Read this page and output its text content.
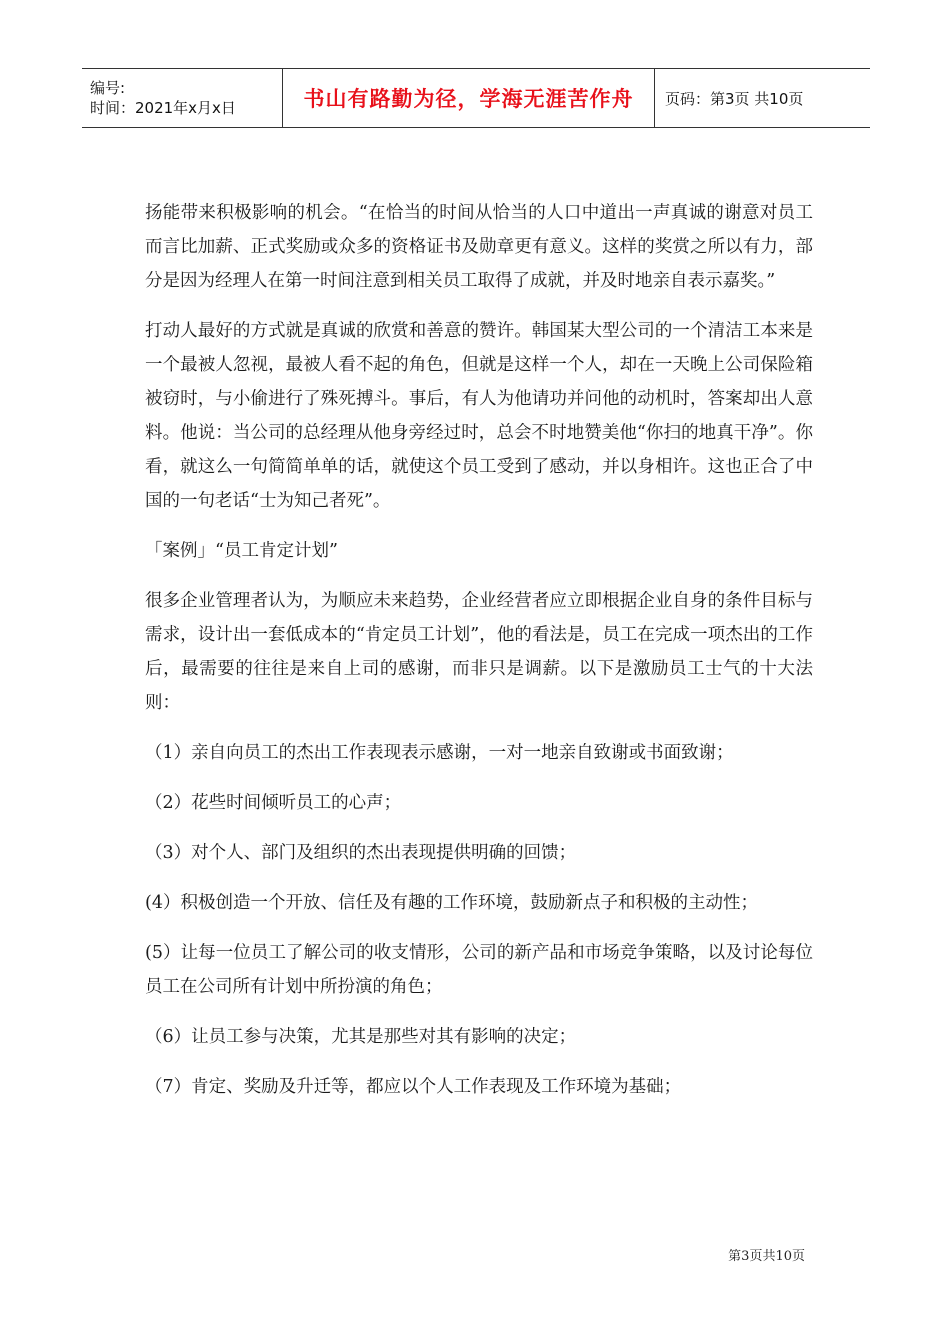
编号:
时间：2021年x月x日	书山有路勤为径，学海无涯苦作舟 页码：第3页 共10页

扬能带来积极影响的机会。“在恰当的时间从恰当的人口中道出一声真诚的谢意对员工而言比加薪、正式奖励或众多的资格证书及勋章更有意义。这样的奖赏之所以有力，部分是因为经理人在第一时间注意到相关员工取得了成就，并及时地亲自表示嘉奖。”

打动人最好的方式就是真诚的欣赏和善意的赞许。韩国某大型公司的一个清洁工本来是一个最被人忽视，最被人看不起的角色，但就是这样一个人，却在一天晚上公司保险箱被窃时，与小偷进行了殊死搏斗。事后，有人为他请功并问他的动机时，答案却出人意料。他说：当公司的总经理从他身旁经过时，总会不时地赞美他“你扫的地真干净”。你看，就这么一句简简单单的话，就使这个员工受到了感动，并以身相许。这也正合了中国的一句老话“士为知己者死”。

「案例」“员工肯定计划”

很多企业管理者认为，为顺应未来趋势，企业经营者应立即根据企业自身的条件目标与需求，设计出一套低成本的“肯定员工计划”，他的看法是，员工在完成一项杰出的工作后，最需要的往往是来自上司的感谢，而非只是调薪。以下是激励员工士气的十大法则：

（1）亲自向员工的杰出工作表现表示感谢，一对一地亲自致谢或书面致谢；

（2）花些时间倾听员工的心声；

（3）对个人、部门及组织的杰出表现提供明确的回馈；

(4）积极创造一个开放、信任及有趣的工作环境，鼓励新点子和积极的主动性；

(5）让每一位员工了解公司的收支情形，公司的新产品和市场竞争策略，以及讨论每位员工在公司所有计划中所扮演的角色；

（6）让员工参与决策，尤其是那些对其有影响的决定；

（7）肯定、奖励及升迁等，都应以个人工作表现及工作环境为基础；

第3页共10页
